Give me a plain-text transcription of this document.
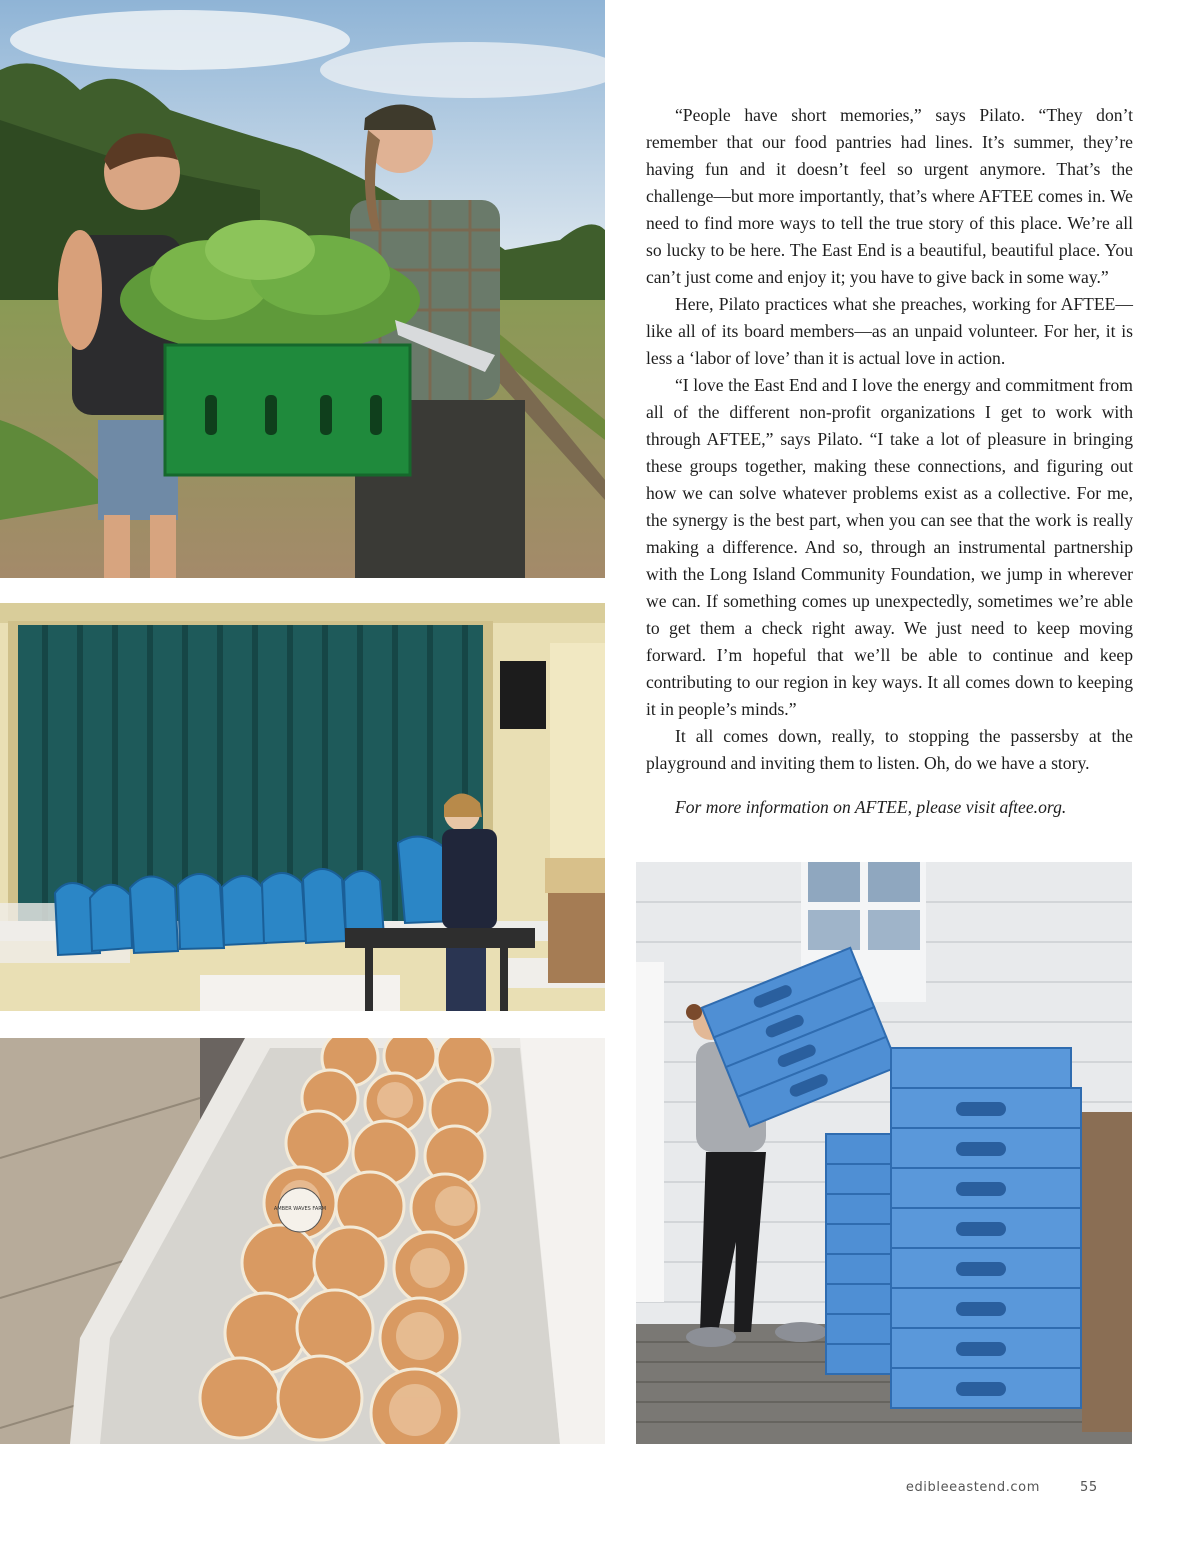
AMBER WAVES FARM

“People have short memories,” says Pilato. “They don’t remember that our food pantries had lines. It’s summer, they’re having fun and it doesn’t feel so urgent anymore. That’s the challenge—but more importantly, that’s where AFTEE comes in. We need to find more ways to tell the true story of this place. We’re all so lucky to be here. The East End is a beautiful, beautiful place. You can’t just come and enjoy it; you have to give back in some way.”

Here, Pilato practices what she preaches, working for AFTEE—like all of its board members—as an unpaid volunteer. For her, it is less a ‘labor of love’ than it is actual love in action.

“I love the East End and I love the energy and commitment from all of the different non-profit organizations I get to work with through AFTEE,” says Pilato. “I take a lot of pleasure in bringing these groups together, making these connections, and figuring out how we can solve whatever problems exist as a collective. For me, the synergy is the best part, when you can see that the work is really making a difference. And so, through an instrumental partnership with the Long Island Community Foundation, we jump in wherever we can. If something comes up unexpectedly, sometimes we’re able to get them a check right away. We just need to keep moving forward. I’m hopeful that we’ll be able to continue and keep contributing to our region in key ways. It all comes down to keeping it in people’s minds.”

It all comes down, really, to stopping the passersby at the playground and inviting them to listen. Oh, do we have a story.

For more information on AFTEE, please visit aftee.org.

edibleeastend.com	55
